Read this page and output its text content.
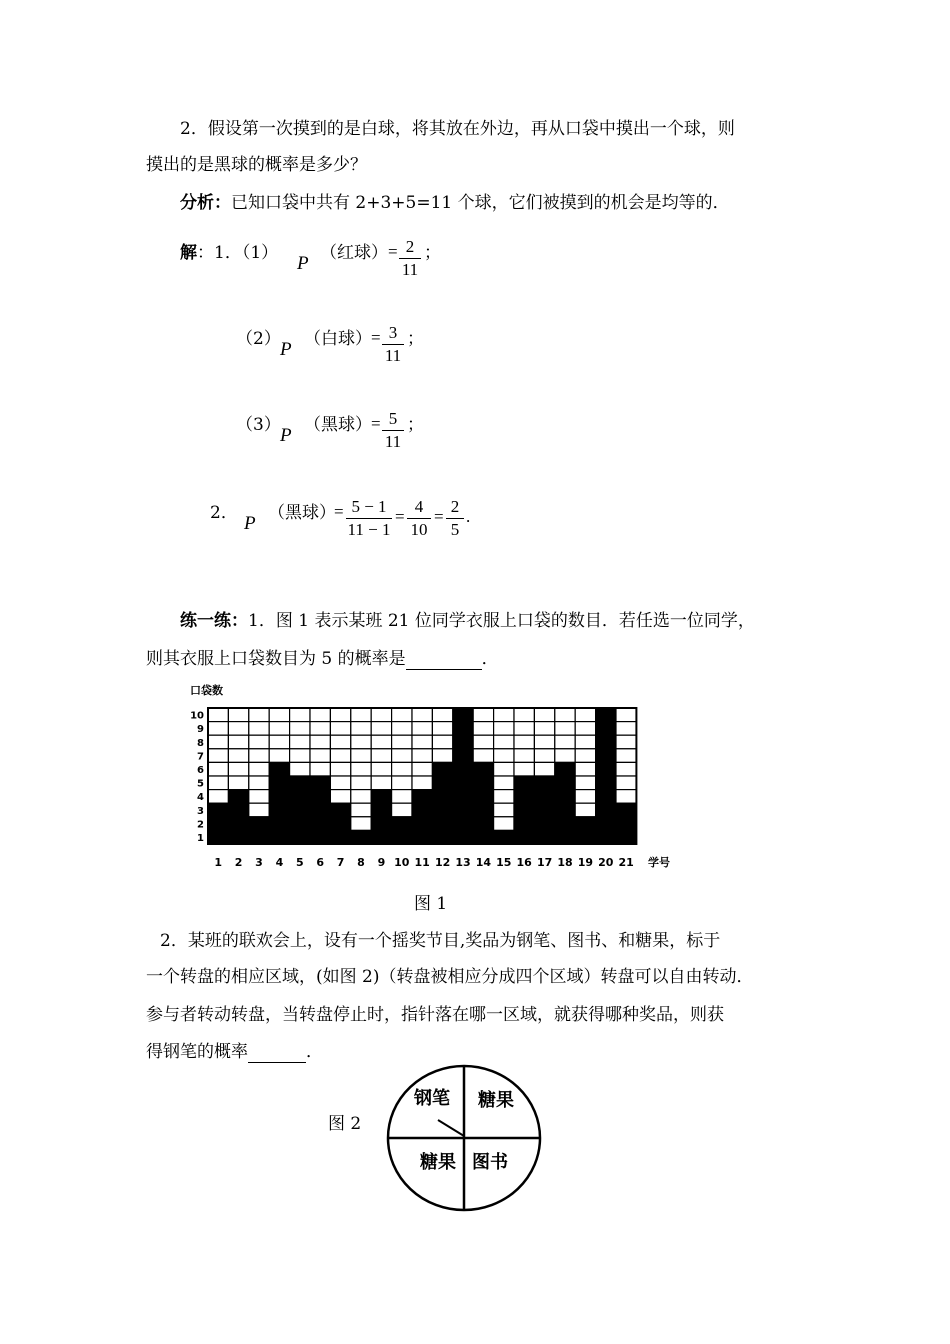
2．假设第一次摸到的是白球，将其放在外边，再从口袋中摸出一个球，则
摸出的是黑球的概率是多少？
分析：已知口袋中共有 2+3+5=11 个球，它们被摸到的机会是均等的．
解：1．（1） P （红球） = 2
11
；
（2） P （白球） = 3
11
；
（3） P （黑球） = 5
11
；
2． P （黑球）
= 5 − 1
11 − 1
=
4
10
=
2
5
.
练一练：1．图 1 表示某班 21 位同学衣服上口袋的数目．若任选一位同学，
则其衣服上口袋数目为 5 的概率是	．
口袋数
1 2 3 4 5 6 7 8 9 10 11 12 13 14 15 16 17 18 19 20 21
1
2
3
4
5
6
7
8
9
10
学号
图 1
2．某班的联欢会上，设有一个摇奖节目,奖品为钢笔、图书、和糖果，标于
一个转盘的相应区域，(如图 2)（转盘被相应分成四个区域）转盘可以自由转动．
参与者转动转盘，当转盘停止时，指针落在哪一区域，就获得哪种奖品，则获
得钢笔的概率	．
图 2
钢笔 糖果
糖果 图书
